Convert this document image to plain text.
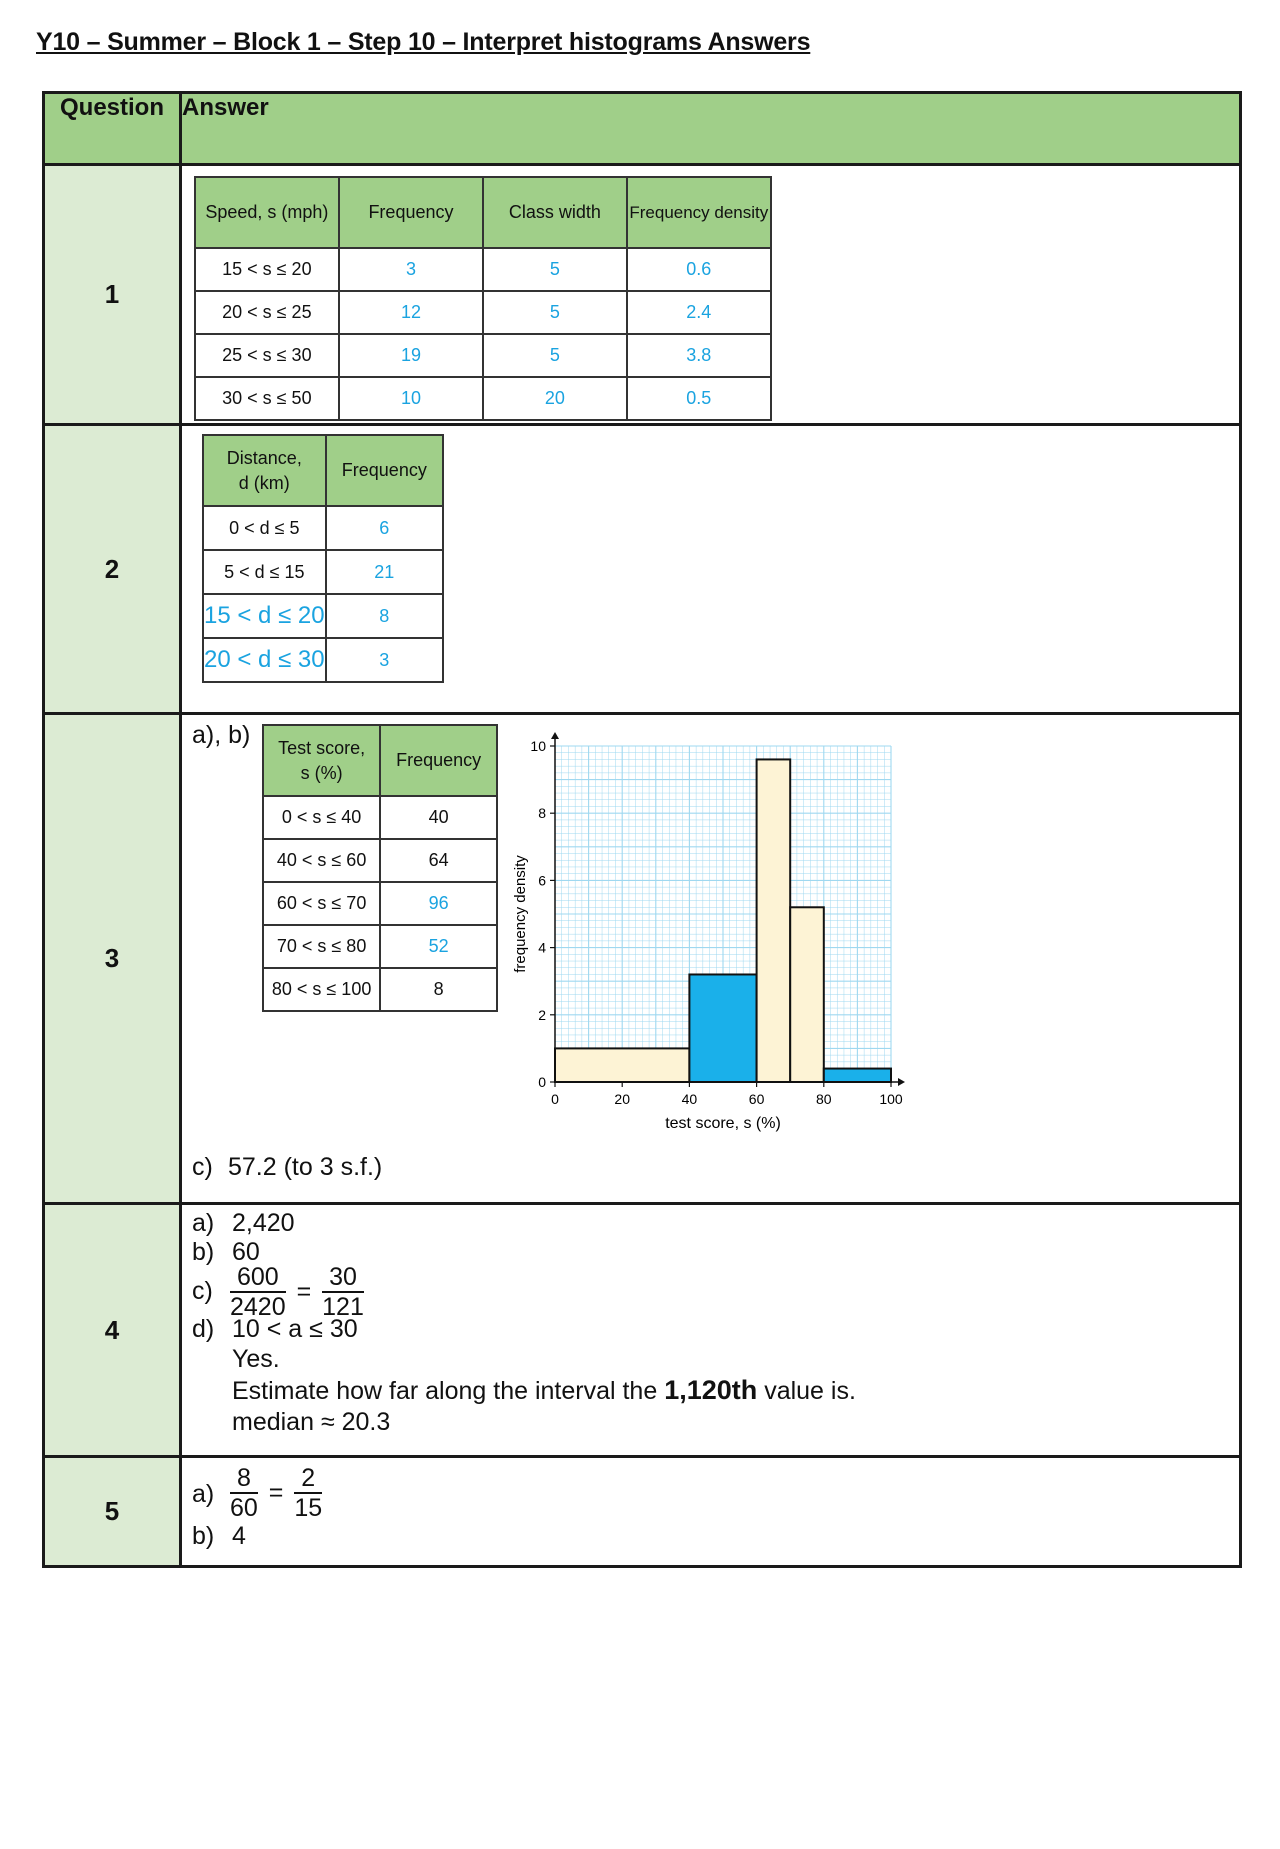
Y10 – Summer – Block 1 – Step 10 – Interpret histograms Answers
Question	Answer
1	
Speed, s (mph)	Frequency	Class width	Frequency density
15 < s ≤ 20	3	5	0.6
20 < s ≤ 25	12	5	2.4
25 < s ≤ 30	19	5	3.8
30 < s ≤ 50	10	20	0.5

2	
Distance,
d (km)	Frequency
0 < d ≤ 5	6
5 < d ≤ 15	21
15 < d ≤ 20	8
20 < d ≤ 30	3

3	
a), b) Test score,
s (%)	Frequency
0 < s ≤ 40	40
40 < s ≤ 60	64
60 < s ≤ 70	96
70 < s ≤ 80	52
80 < s ≤ 100	8
0	20	40	60	80	100
0
2
4
6
8
10
test score, s (%)
frequency density
c) 57.2 (to 3 s.f.)

4	
a) 2,420
b) 60
$c) \frac{600}{2420} = \frac{30}{121}$
d) 10 < a ≤ 30
Yes.
Estimate how far along the interval the 1,120th value is.
median ≈ 20.3

5	
$a) \frac{8}{60} = \frac{2}{15}$
b) 4
